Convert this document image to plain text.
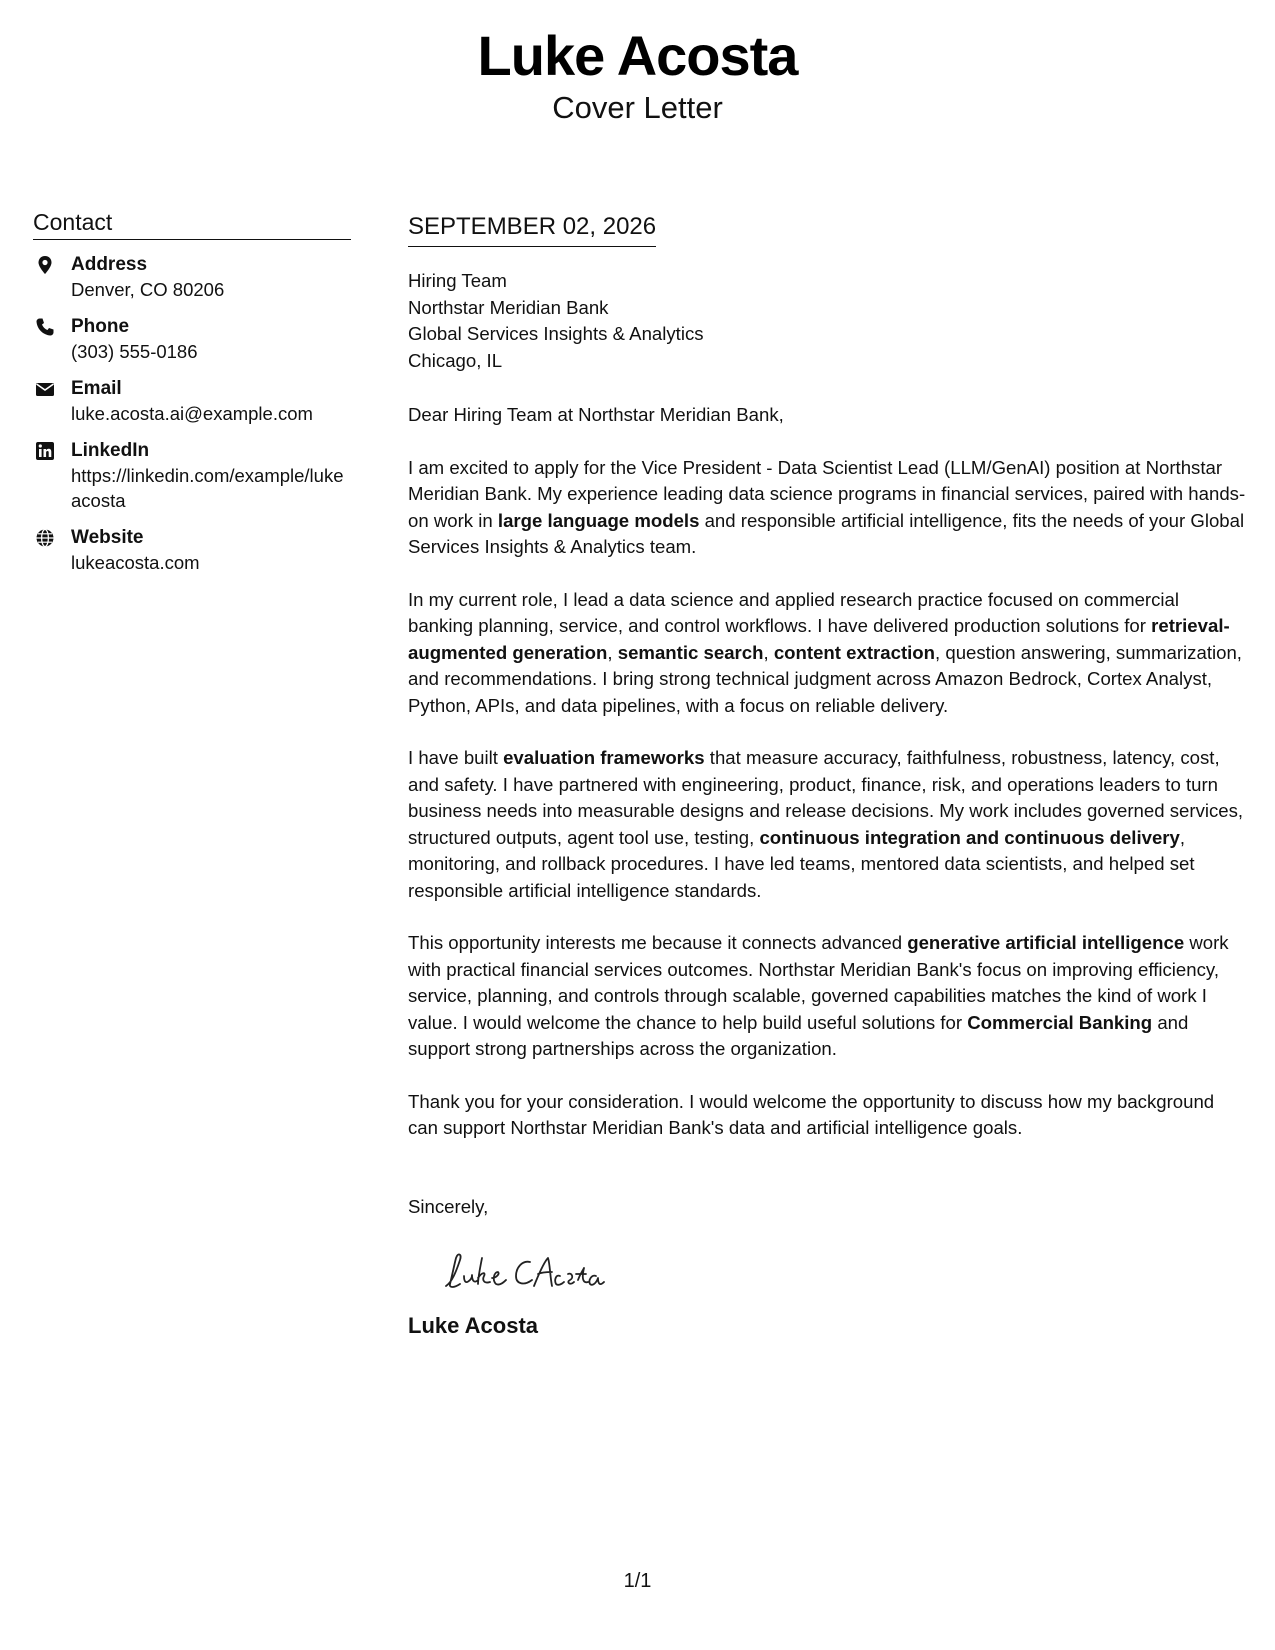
Luke Acosta
Cover Letter
Contact
Address
Denver, CO 80206
Phone
(303) 555-0186
Email
luke.acosta.ai@example.com
LinkedIn
https://linkedin.com/example/lukeacosta
Website
lukeacosta.com
SEPTEMBER 02, 2026
Hiring Team
Northstar Meridian Bank
Global Services Insights & Analytics
Chicago, IL
Dear Hiring Team at Northstar Meridian Bank,
I am excited to apply for the Vice President - Data Scientist Lead (LLM/GenAI) position at Northstar Meridian Bank. My experience leading data science programs in financial services, paired with hands-on work in large language models and responsible artificial intelligence, fits the needs of your Global Services Insights & Analytics team.
In my current role, I lead a data science and applied research practice focused on commercial banking planning, service, and control workflows. I have delivered production solutions for retrieval-augmented generation, semantic search, content extraction, question answering, summarization, and recommendations. I bring strong technical judgment across Amazon Bedrock, Cortex Analyst, Python, APIs, and data pipelines, with a focus on reliable delivery.
I have built evaluation frameworks that measure accuracy, faithfulness, robustness, latency, cost, and safety. I have partnered with engineering, product, finance, risk, and operations leaders to turn business needs into measurable designs and release decisions. My work includes governed services, structured outputs, agent tool use, testing, continuous integration and continuous delivery, monitoring, and rollback procedures. I have led teams, mentored data scientists, and helped set responsible artificial intelligence standards.
This opportunity interests me because it connects advanced generative artificial intelligence work with practical financial services outcomes. Northstar Meridian Bank's focus on improving efficiency, service, planning, and controls through scalable, governed capabilities matches the kind of work I value. I would welcome the chance to help build useful solutions for Commercial Banking and support strong partnerships across the organization.
Thank you for your consideration. I would welcome the opportunity to discuss how my background can support Northstar Meridian Bank's data and artificial intelligence goals.
Sincerely,
Luke Acosta
1/1
